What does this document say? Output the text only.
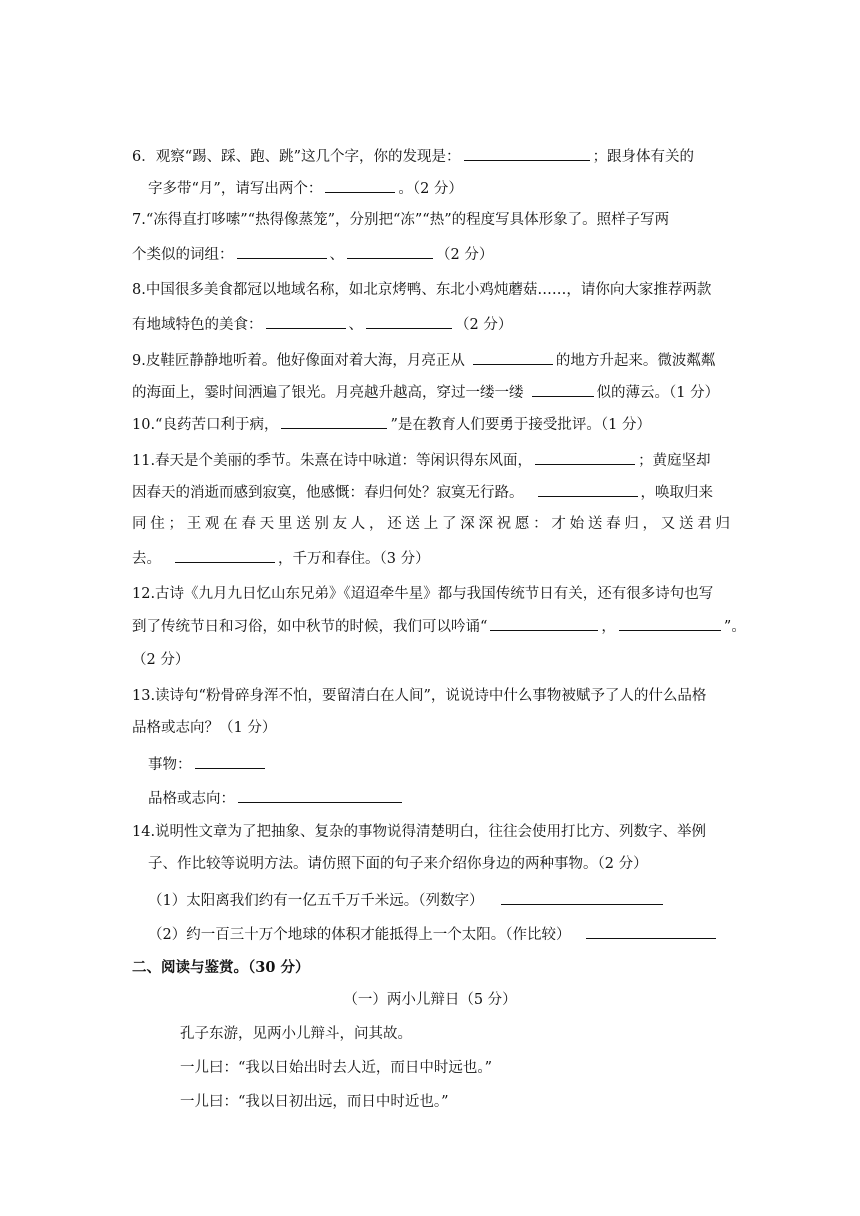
6．观察“踢、踩、跑、跳”这几个字，你的发现是：	；跟身体有关的
字多带“月”，请写出两个：	。（2 分）
7.“冻得直打哆嗦”“热得像蒸笼”，分别把“冻”“热”的程度写具体形象了。照样子写两
个类似的词组：	、	（2 分）
8.中国很多美食都冠以地域名称，如北京烤鸭、东北小鸡炖蘑菇……，请你向大家推荐两款
有地域特色的美食：	、	（2 分）
9.皮鞋匠静静地听着。他好像面对着大海，月亮正从	的地方升起来。微波粼粼
的海面上，霎时间洒遍了银光。月亮越升越高，穿过一缕一缕	似的薄云。（1 分）
10.“良药苦口利于病，	”是在教育人们要勇于接受批评。（1 分）
11.春天是个美丽的季节。朱熹在诗中咏道：等闲识得东风面，	；黄庭坚却
因春天的消逝而感到寂寞，他感慨：春归何处？寂寞无行路。	，唤取归来
同住；王观在春天里送别友人，还送上了深深祝愿：才始送春归，又送君归
去。	，千万和春住。（3 分）
12.古诗《九月九日忆山东兄弟》《迢迢牵牛星》都与我国传统节日有关，还有很多诗句也写
到了传统节日和习俗，如中秋节的时候，我们可以吟诵“	，	”。
（2 分）
13.读诗句“粉骨碎身浑不怕，要留清白在人间”，说说诗中什么事物被赋予了人的什么品格
品格或志向？（1 分）
事物：
品格或志向：
14.说明性文章为了把抽象、复杂的事物说得清楚明白，往往会使用打比方、列数字、举例
子、作比较等说明方法。请仿照下面的句子来介绍你身边的两种事物。（2 分）
（1）太阳离我们约有一亿五千万千米远。（列数字）
（2）约一百三十万个地球的体积才能抵得上一个太阳。（作比较）
二、阅读与鉴赏。（30 分）
（一）两小儿辩日（5 分）
孔子东游，见两小儿辩斗，问其故。
一儿曰：“我以日始出时去人近，而日中时远也。”
一儿曰：“我以日初出远，而日中时近也。”
